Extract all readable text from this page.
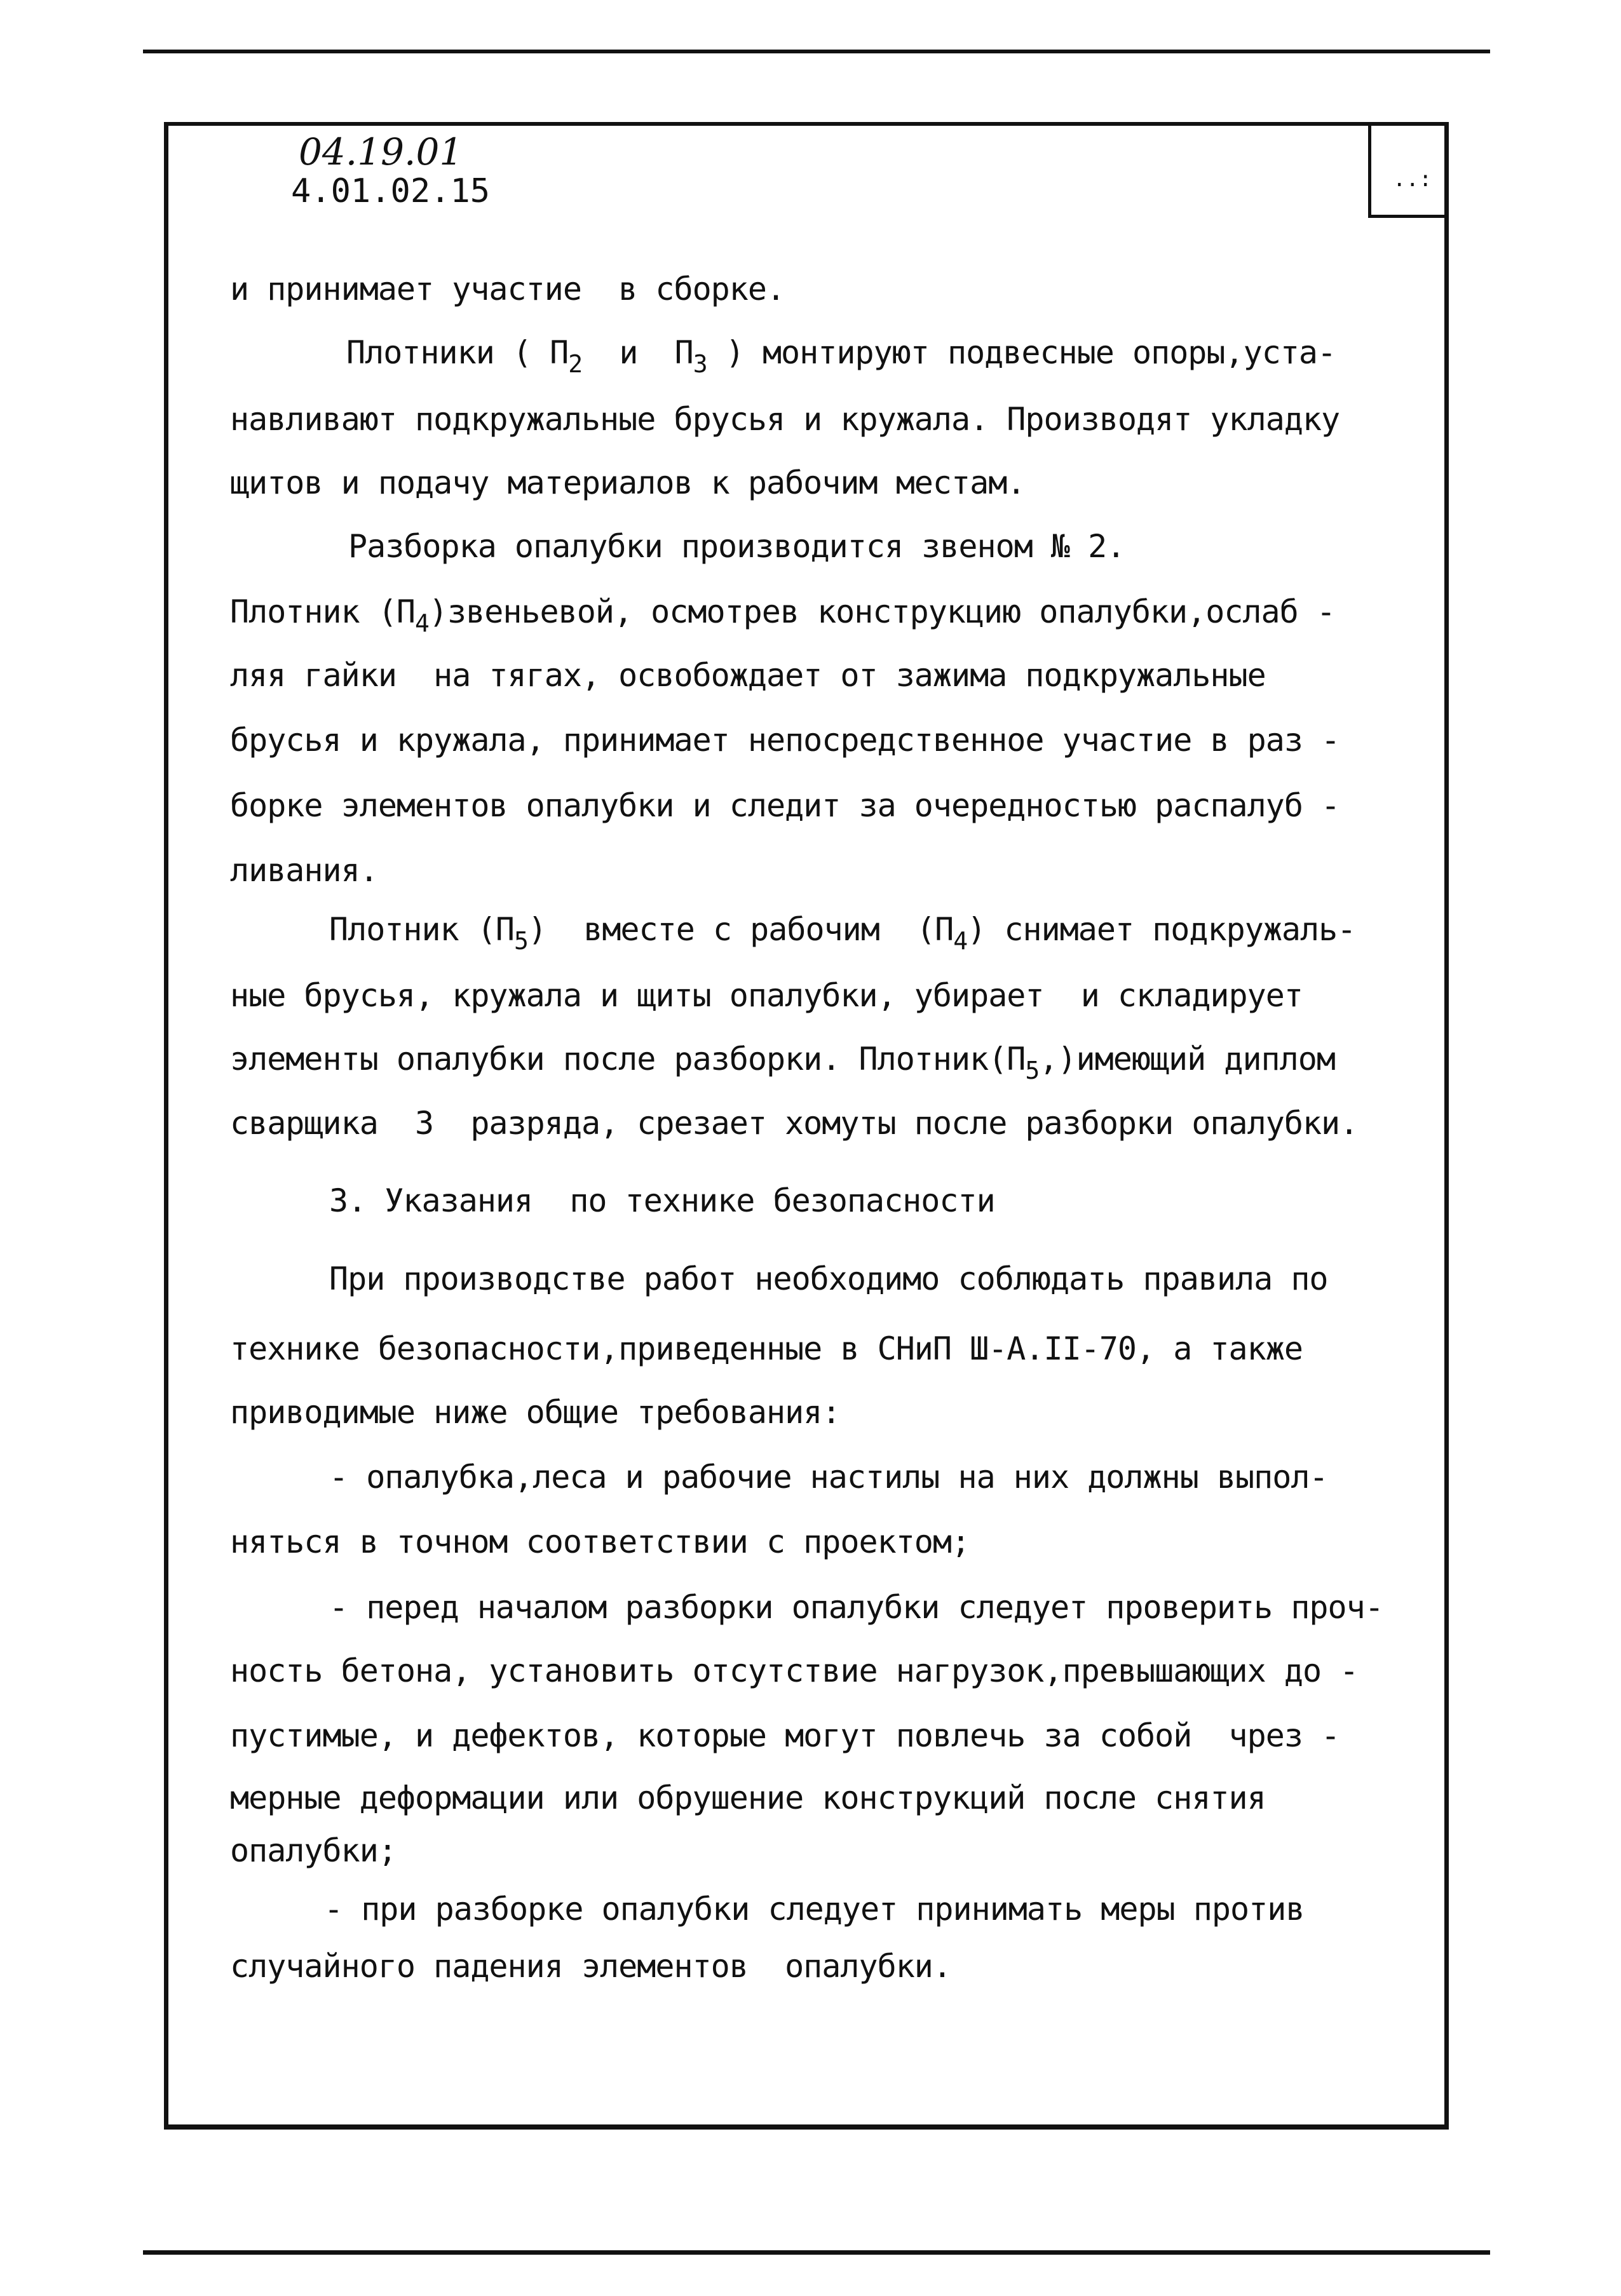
..:
04.19.01
4.01.02.15
и принимает участие  в сборке.
Плотники ( $П_2$  и  $П_3$ ) монтируют подвесные опоры,уста-
навливают подкружальные брусья и кружала. Производят укладку
щитов и подачу материалов к рабочим местам.
Разборка опалубки производится звеном № 2.
Плотник $(П_4)звеньевой$, осмотрев конструкцию опалубки,ослаб -
ляя гайки  на тягах, освобождает от зажима подкружальные
брусья и кружала, принимает непосредственное участие в раз -
борке элементов опалубки и следит за очередностью распалуб -
ливания.
Плотник $(П_5)$  вместе с рабочим  $(П_4)$ снимает подкружаль-
ные брусья, кружала и щиты опалубки, убирает  и складирует
элементы опалубки после разборки. $Плотник(П_5,)имеющий$ диплом
сварщика  3  разряда, срезает хомуты после разборки опалубки.
3. Указания  по технике безопасности
При производстве работ необходимо соблюдать правила по
технике безопасности,приведенные в СНиП Ш-А.II-70, а также
приводимые ниже общие требования:
- опалубка,леса и рабочие настилы на них должны выпол-
няться в точном соответствии с проектом;
- перед началом разборки опалубки следует проверить проч-
ность бетона, установить отсутствие нагрузок,превышающих до -
пустимые, и дефектов, которые могут повлечь за собой  чрез -
мерные деформации или обрушение конструкций после снятия
опалубки;
- при разборке опалубки следует принимать меры против
случайного падения элементов  опалубки.
